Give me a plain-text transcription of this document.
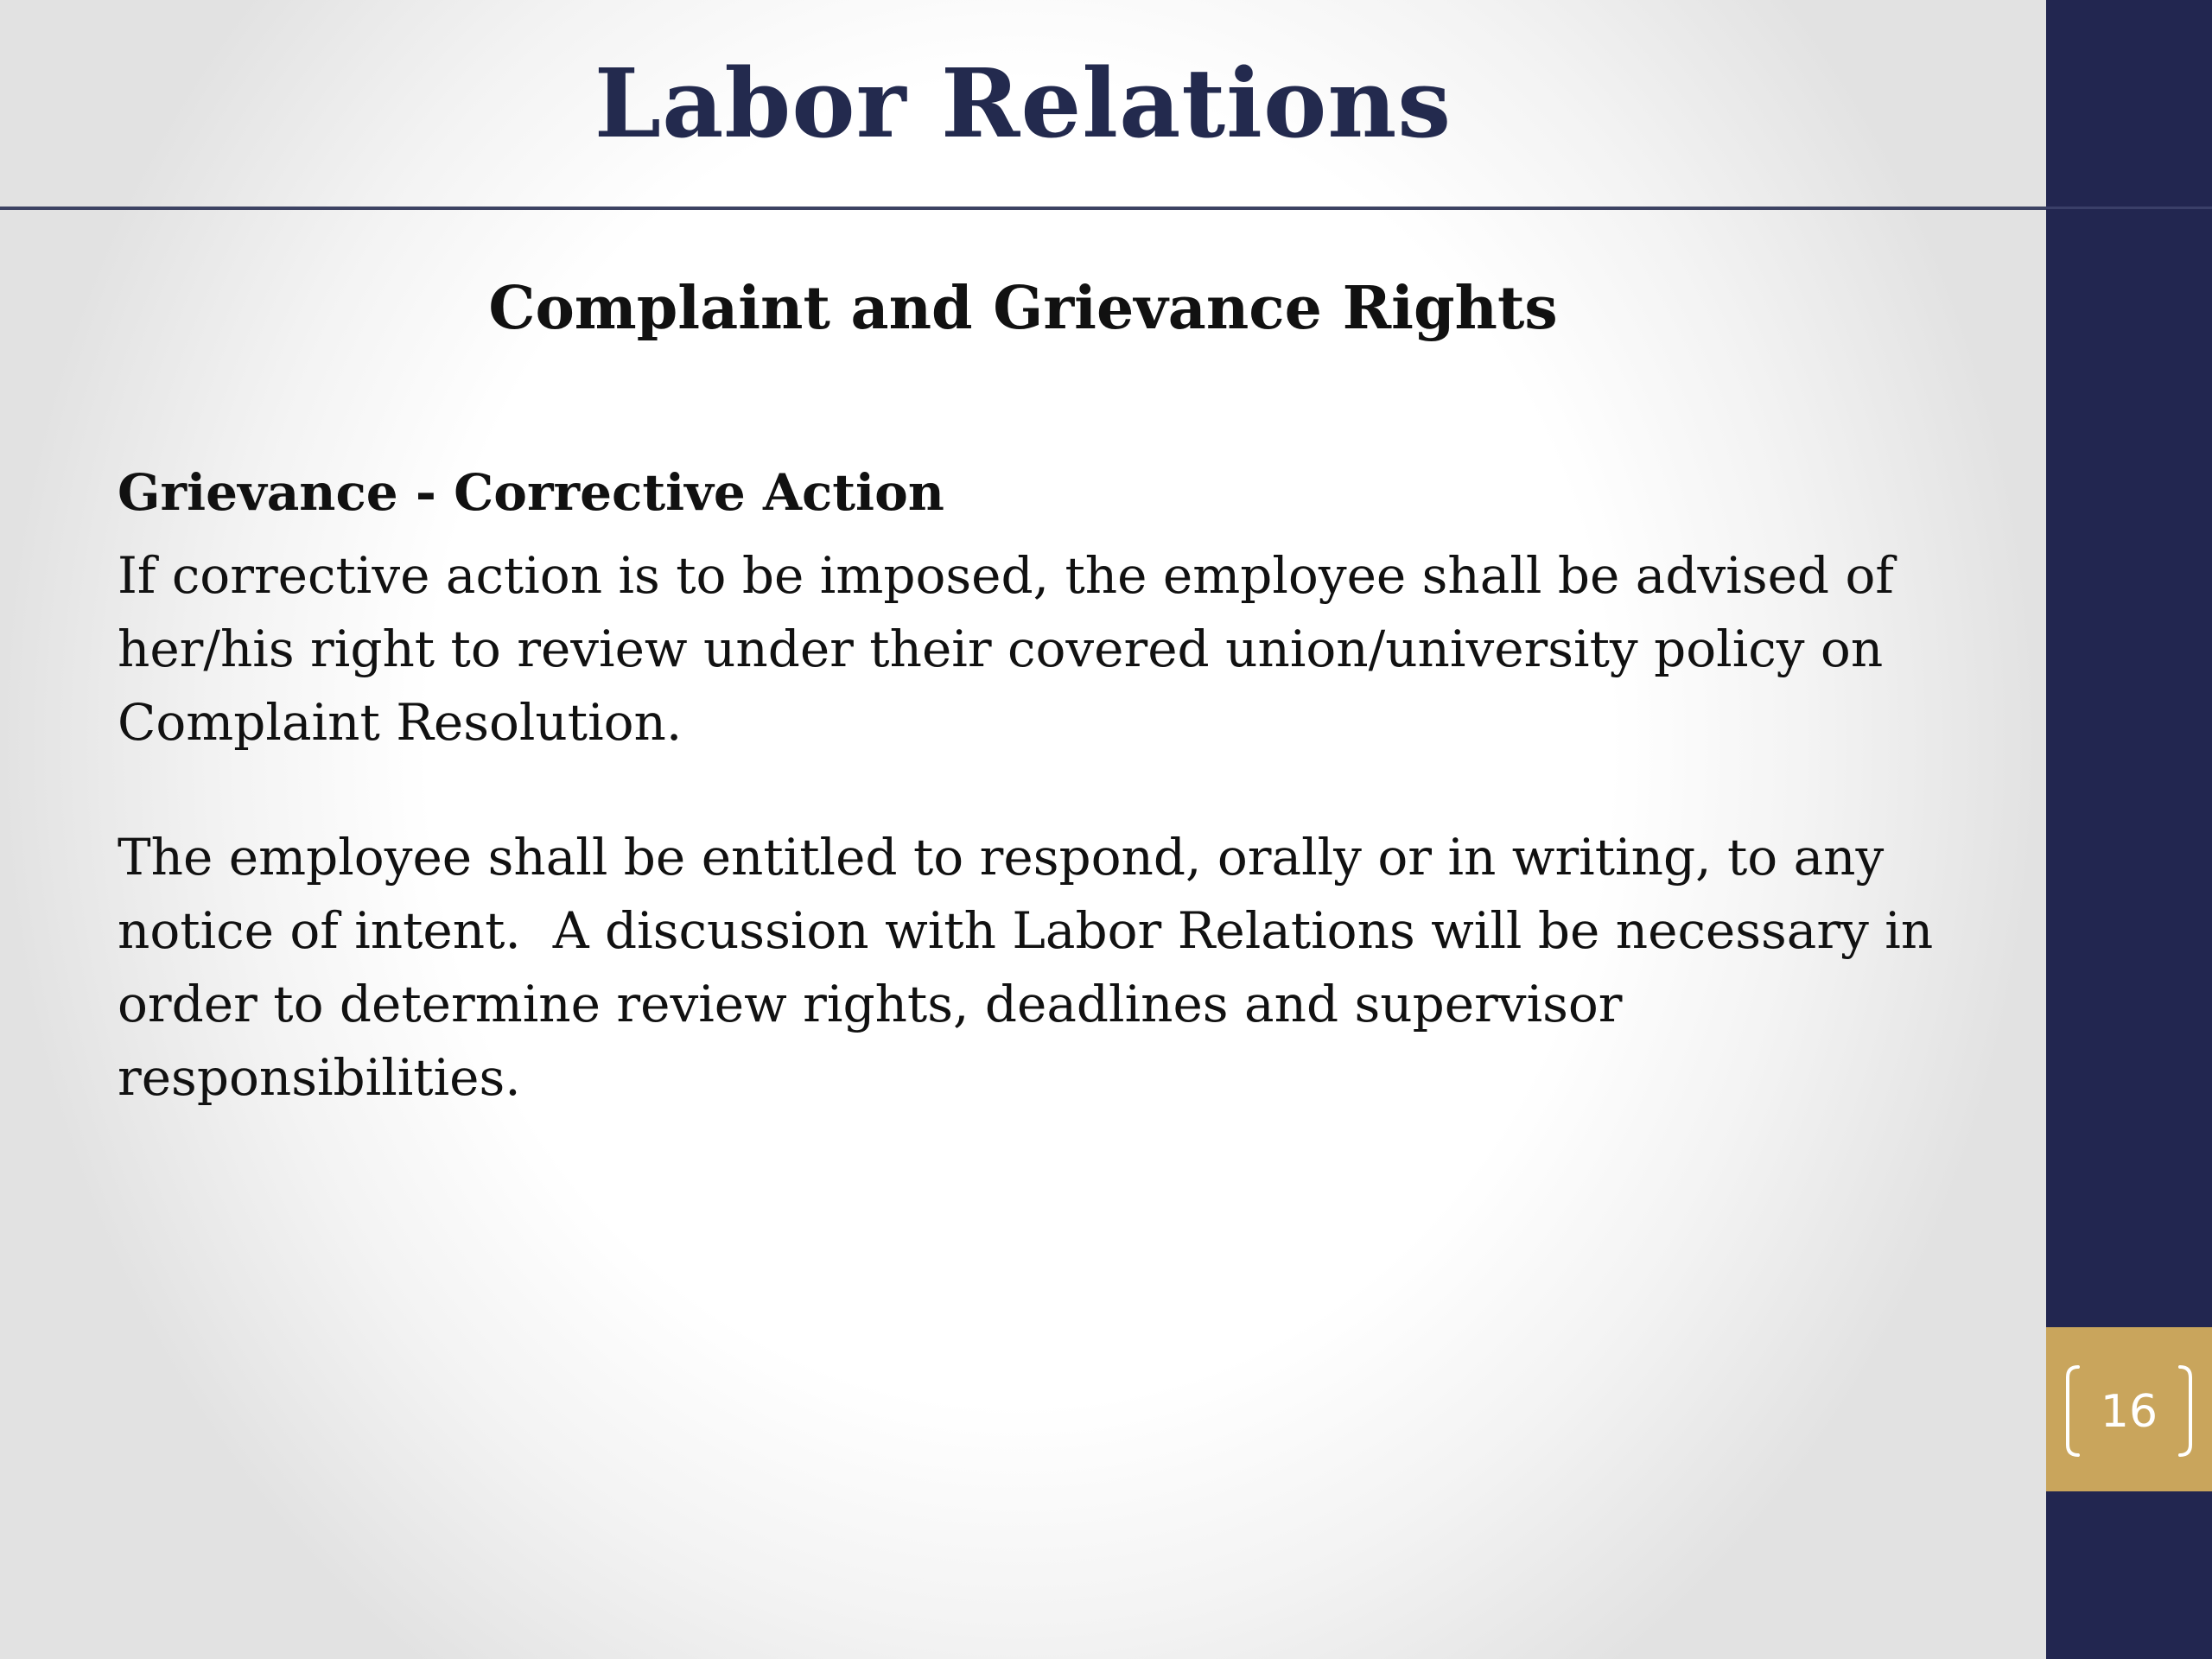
Labor Relations
Complaint and Grievance Rights

Grievance - Corrective Action

If corrective action is to be imposed, the employee shall be advised of her/his right to review under their covered union/university policy on Complaint Resolution.

The employee shall be entitled to respond, orally or in writing, to any notice of intent.  A discussion with Labor Relations will be necessary in order to determine review rights, deadlines and supervisor responsibilities.

16
